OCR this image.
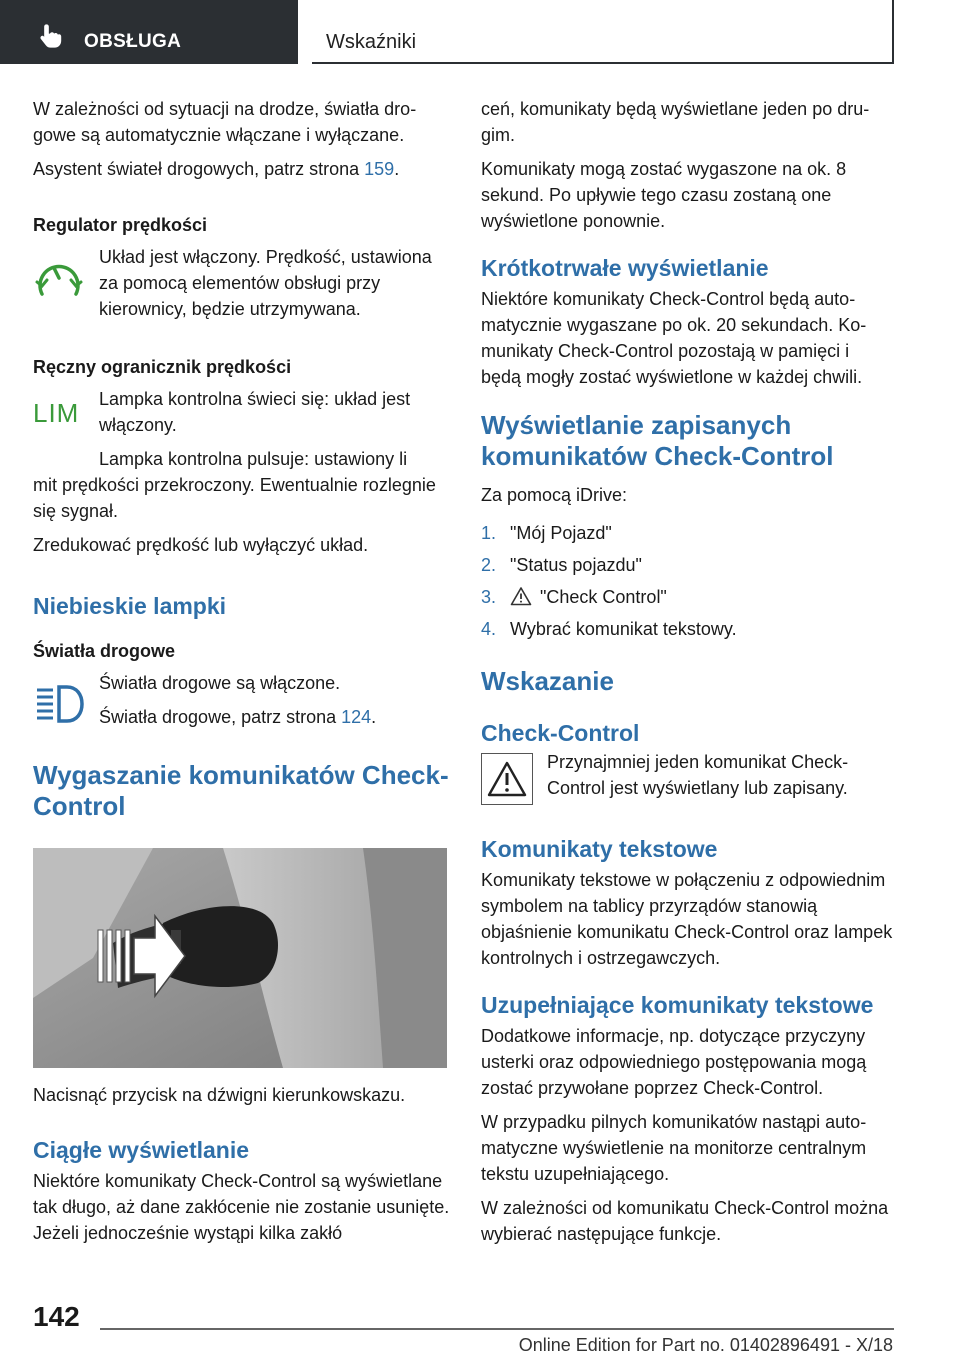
OBSŁUGA	Wskaźniki

W zależności od sytuacji na drodze, światła drogowe są automatycznie włączane i wyłączane.

Asystent świateł drogowych, patrz strona 159.

Regulator prędkości

Układ jest włączony. Prędkość, ustawiona za pomocą elementów obsługi przy kierownicy, będzie utrzymywana.

Ręczny ogranicznik prędkości
LIM Lampka kontrolna świeci się: układ jest włączony.

Lampka kontrolna pulsuje: ustawiony li

mit prędkości przekroczony. Ewentualnie rozlegnie się sygnał.

Zredukować prędkość lub wyłączyć układ.

Niebieskie lampki
Światła drogowe

Światła drogowe są włączone.

Światła drogowe, patrz strona 124.

Wygaszanie komunikatów Check-Control

Nacisnąć przycisk na dźwigni kierunkowskazu.

Ciągłe wyświetlanie

Niektóre komunikaty Check-Control są wyświetlane tak długo, aż dane zakłócenie nie zostanie usunięte. Jeżeli jednocześnie wystąpi kilka zakłó

ceń, komunikaty będą wyświetlane jeden po drugim.

Komunikaty mogą zostać wygaszone na ok. 8 sekund. Po upływie tego czasu zostaną one wyświetlone ponownie.

Krótkotrwałe wyświetlanie

Niektóre komunikaty Check-Control będą automatycznie wygaszane po ok. 20 sekundach. Komunikaty Check-Control pozostają w pamięci i będą mogły zostać wyświetlone w każdej chwili.

Wyświetlanie zapisanych komunikatów Check-Control

Za pomocą iDrive:

1. "Mój Pojazd"
2. "Status pojazdu"
3. "Check Control"
4. Wybrać komunikat tekstowy.
Wskazanie
Check-Control

Przynajmniej jeden komunikat Check-Control jest wyświetlany lub zapisany.

Komunikaty tekstowe

Komunikaty tekstowe w połączeniu z odpowiednim symbolem na tablicy przyrządów stanowią objaśnienie komunikatu Check-Control oraz lampek kontrolnych i ostrzegawczych.

Uzupełniające komunikaty tekstowe

Dodatkowe informacje, np. dotyczące przyczyny usterki oraz odpowiedniego postępowania mogą zostać przywołane poprzez Check-Control.

W przypadku pilnych komunikatów nastąpi automatyczne wyświetlenie na monitorze centralnym tekstu uzupełniającego.

W zależności od komunikatu Check-Control można wybierać następujące funkcje.

142
Online Edition for Part no. 01402896491 - X/18
